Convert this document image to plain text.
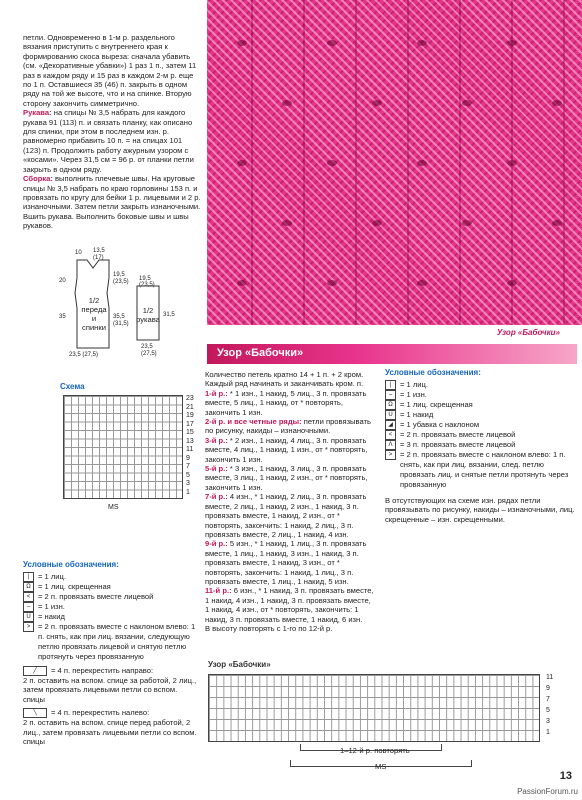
петли. Одновременно в 1-м р. раздельного вязания приступить с внутреннего края к формированию скоса выреза: сначала убавить (см. «Декоративные убавки») 1 раз 1 п., затем 11 раз в каждом ряду и 15 раз в каждом 2-м р. еще по 1 п. Оставшиеся 35 (46) п. закрыть в одном ряду на той же высоте, что и на спинке. Вторую сторону закончить симметрично.

Рукава: на спицы № 3,5 набрать для каждого рукава 91 (113) п. и связать планку, как описано для спинки, при этом в последнем изн. р. равномерно прибавить 10 п. = на спицах 101 (123) п. Продолжить работу ажурным узором с «косами». Через 31,5 см = 96 р. от планки петли закрыть в одном ряду.

Сборка: выполнить плечевые швы. На круговые спицы № 3,5 набрать по краю горловины 153 п. и провязать по кругу для бейки 1 р. лицевыми и 2 р. изнаночными. Затем петли закрыть изнаночными. Вшить рукава. Выполнить боковые швы и швы рукавов.

1/2 переда и спинки
1/2 рукава
10 13,5
(17)
19,5
(23,5)
20
35	35,5
(31,5)
23,5 (27,5)
19,5
(23,5)
31,5
23,5
(27,5)
Схема
23
21
19
17
15
13
11
9
7
5
3
1
MS
Условные обозначения:
|	= 1 лиц.
Ω = 1 лиц. скрещенная
<	= 2 п. провязать вместе лицевой
–	= 1 изн.
U = накид
>	= 2 п. провязать вместе с наклоном влево: 1 п. снять, как при лиц. вязании, следующую петлю провязать лицевой и снятую петлю протянуть через провязанную
╱	= 4 п. перекрестить направо:
2 п. оставить на вспом. спице за работой, 2 лиц., затем провязать лицевыми петли со вспом. спицы
╲	= 4 п. перекрестить налево:
2 п. оставить на вспом. спице перед работой, 2 лиц., затем провязать лицевыми петли со вспом. спицы
Узор «Бабочки»
Узор «Бабочки»

Количество петель кратно 14 + 1 п. + 2 кром. Каждый ряд начинать и заканчивать кром. п.

1-й р.: * 1 изн., 1 накид, 5 лиц., 3 п. провязать вместе, 5 лиц., 1 накид, от * повторять, закончить 1 изн.

2-й р. и все четные ряды: петли провязывать по рисунку, накиды – изнаночными.

3-й р.: * 2 изн., 1 накид, 4 лиц., 3 п. провязать вместе, 4 лиц., 1 накид, 1 изн., от * повторять, закончить 1 изн.

5-й р.: * 3 изн., 1 накид, 3 лиц., 3 п. провязать вместе, 3 лиц., 1 накид, 2 изн., от * повторять, закончить 1 изн.

7-й р.: 4 изн., * 1 накид, 2 лиц., 3 п. провязать вместе, 2 лиц., 1 накид, 2 изн., 1 накид, 3 п. провязать вместе, 1 накид, 2 изн., от * повторять, закончить: 1 накид, 2 лиц., 3 п. провязать вместе, 2 лиц., 1 накид, 4 изн.

9-й р.: 5 изн., * 1 накид, 1 лиц., 3 п. провязать вместе, 1 лиц., 1 накид, 3 изн., 1 накид, 3 п. провязать вместе, 1 накид, 3 изн., от * повторять, закончить: 1 накид, 1 лиц., 3 п. провязать вместе, 1 лиц., 1 накид, 5 изн.

11-й р.: 6 изн., * 1 накид, 3 п. провязать вместе, 1 накид, 4 изн., 1 накид, 3 п. провязать вместе, 1 накид, 4 изн., от * повторять, закончить: 1 накид, 3 п. провязать вместе, 1 накид, 6 изн.

В высоту повторять с 1-го по 12-й р.

Условные обозначения:
|	= 1 лиц.
–	= 1 изн.
Ω = 1 лиц. скрещенная
U = 1 накид
◢ = 1 убавка с наклоном
<	= 2 п. провязать вместе лицевой
Λ = 3 п. провязать вместе лицевой
>	= 2 п. провязать вместе с наклоном влево: 1 п. снять, как при лиц. вязании, след. петлю провязать лиц. и снятые петли протянуть через провязанную

В отсутствующих на схеме изн. рядах петли провязывать по рисунку, накиды – изнаночными, лиц. скрещенные – изн. скрещенными.

Узор «Бабочки»
11
9
7
5
3
1
1–12-й р. повторять
MS
13
PassionForum.ru
